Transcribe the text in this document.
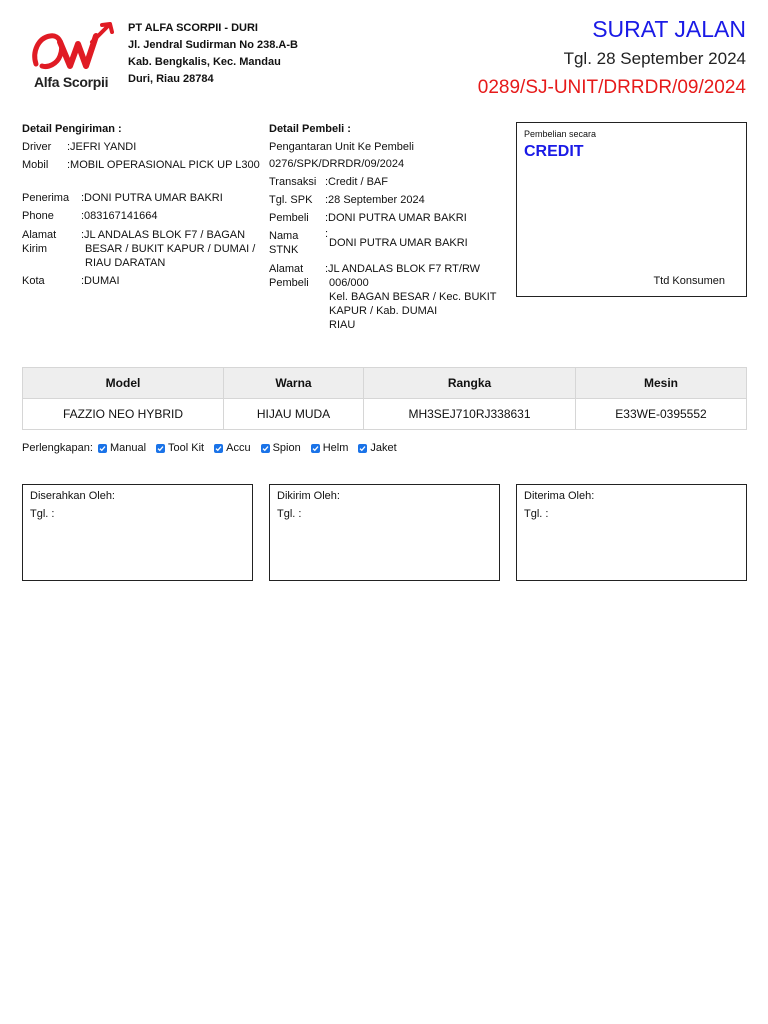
Alfa Scorpii
PT ALFA SCORPII - DURI
Jl. Jendral Sudirman No 238.A-B
Kab. Bengkalis, Kec. Mandau
Duri, Riau 28784
SURAT JALAN
Tgl. 28 September 2024
0289/SJ-UNIT/DRRDR/09/2024
Detail Pengiriman :
Driver :JEFRI YANDI
Mobil :MOBIL OPERASIONAL PICK UP L300
Penerima :DONI PUTRA UMAR BAKRI
Phone :083167141664
Alamat
Kirim
:JL ANDALAS BLOK F7 / BAGAN
BESAR / BUKIT KAPUR / DUMAI /
RIAU DARATAN
Kota	:DUMAI
Detail Pembeli :
Pengantaran Unit Ke Pembeli
0276/SPK/DRRDR/09/2024
Transaksi :Credit / BAF
Tgl. SPK :28 September 2024
Pembeli :DONI PUTRA UMAR BAKRI
Nama
STNK
:
DONI PUTRA UMAR BAKRI
Alamat
Pembeli
:JL ANDALAS BLOK F7 RT/RW
006/000
Kel. BAGAN BESAR / Kec. BUKIT
KAPUR / Kab. DUMAI
RIAU
Pembelian secara
CREDIT
Ttd Konsumen
Model	Warna	Rangka	Mesin
FAZZIO NEO HYBRID	HIJAU MUDA	MH3SEJ710RJ338631	E33WE-0395552
Perlengkapan: Manual Tool Kit Accu Spion Helm Jaket
Diserahkan Oleh:
Tgl. :
Dikirim Oleh:
Tgl. :
Diterima Oleh:
Tgl. :
